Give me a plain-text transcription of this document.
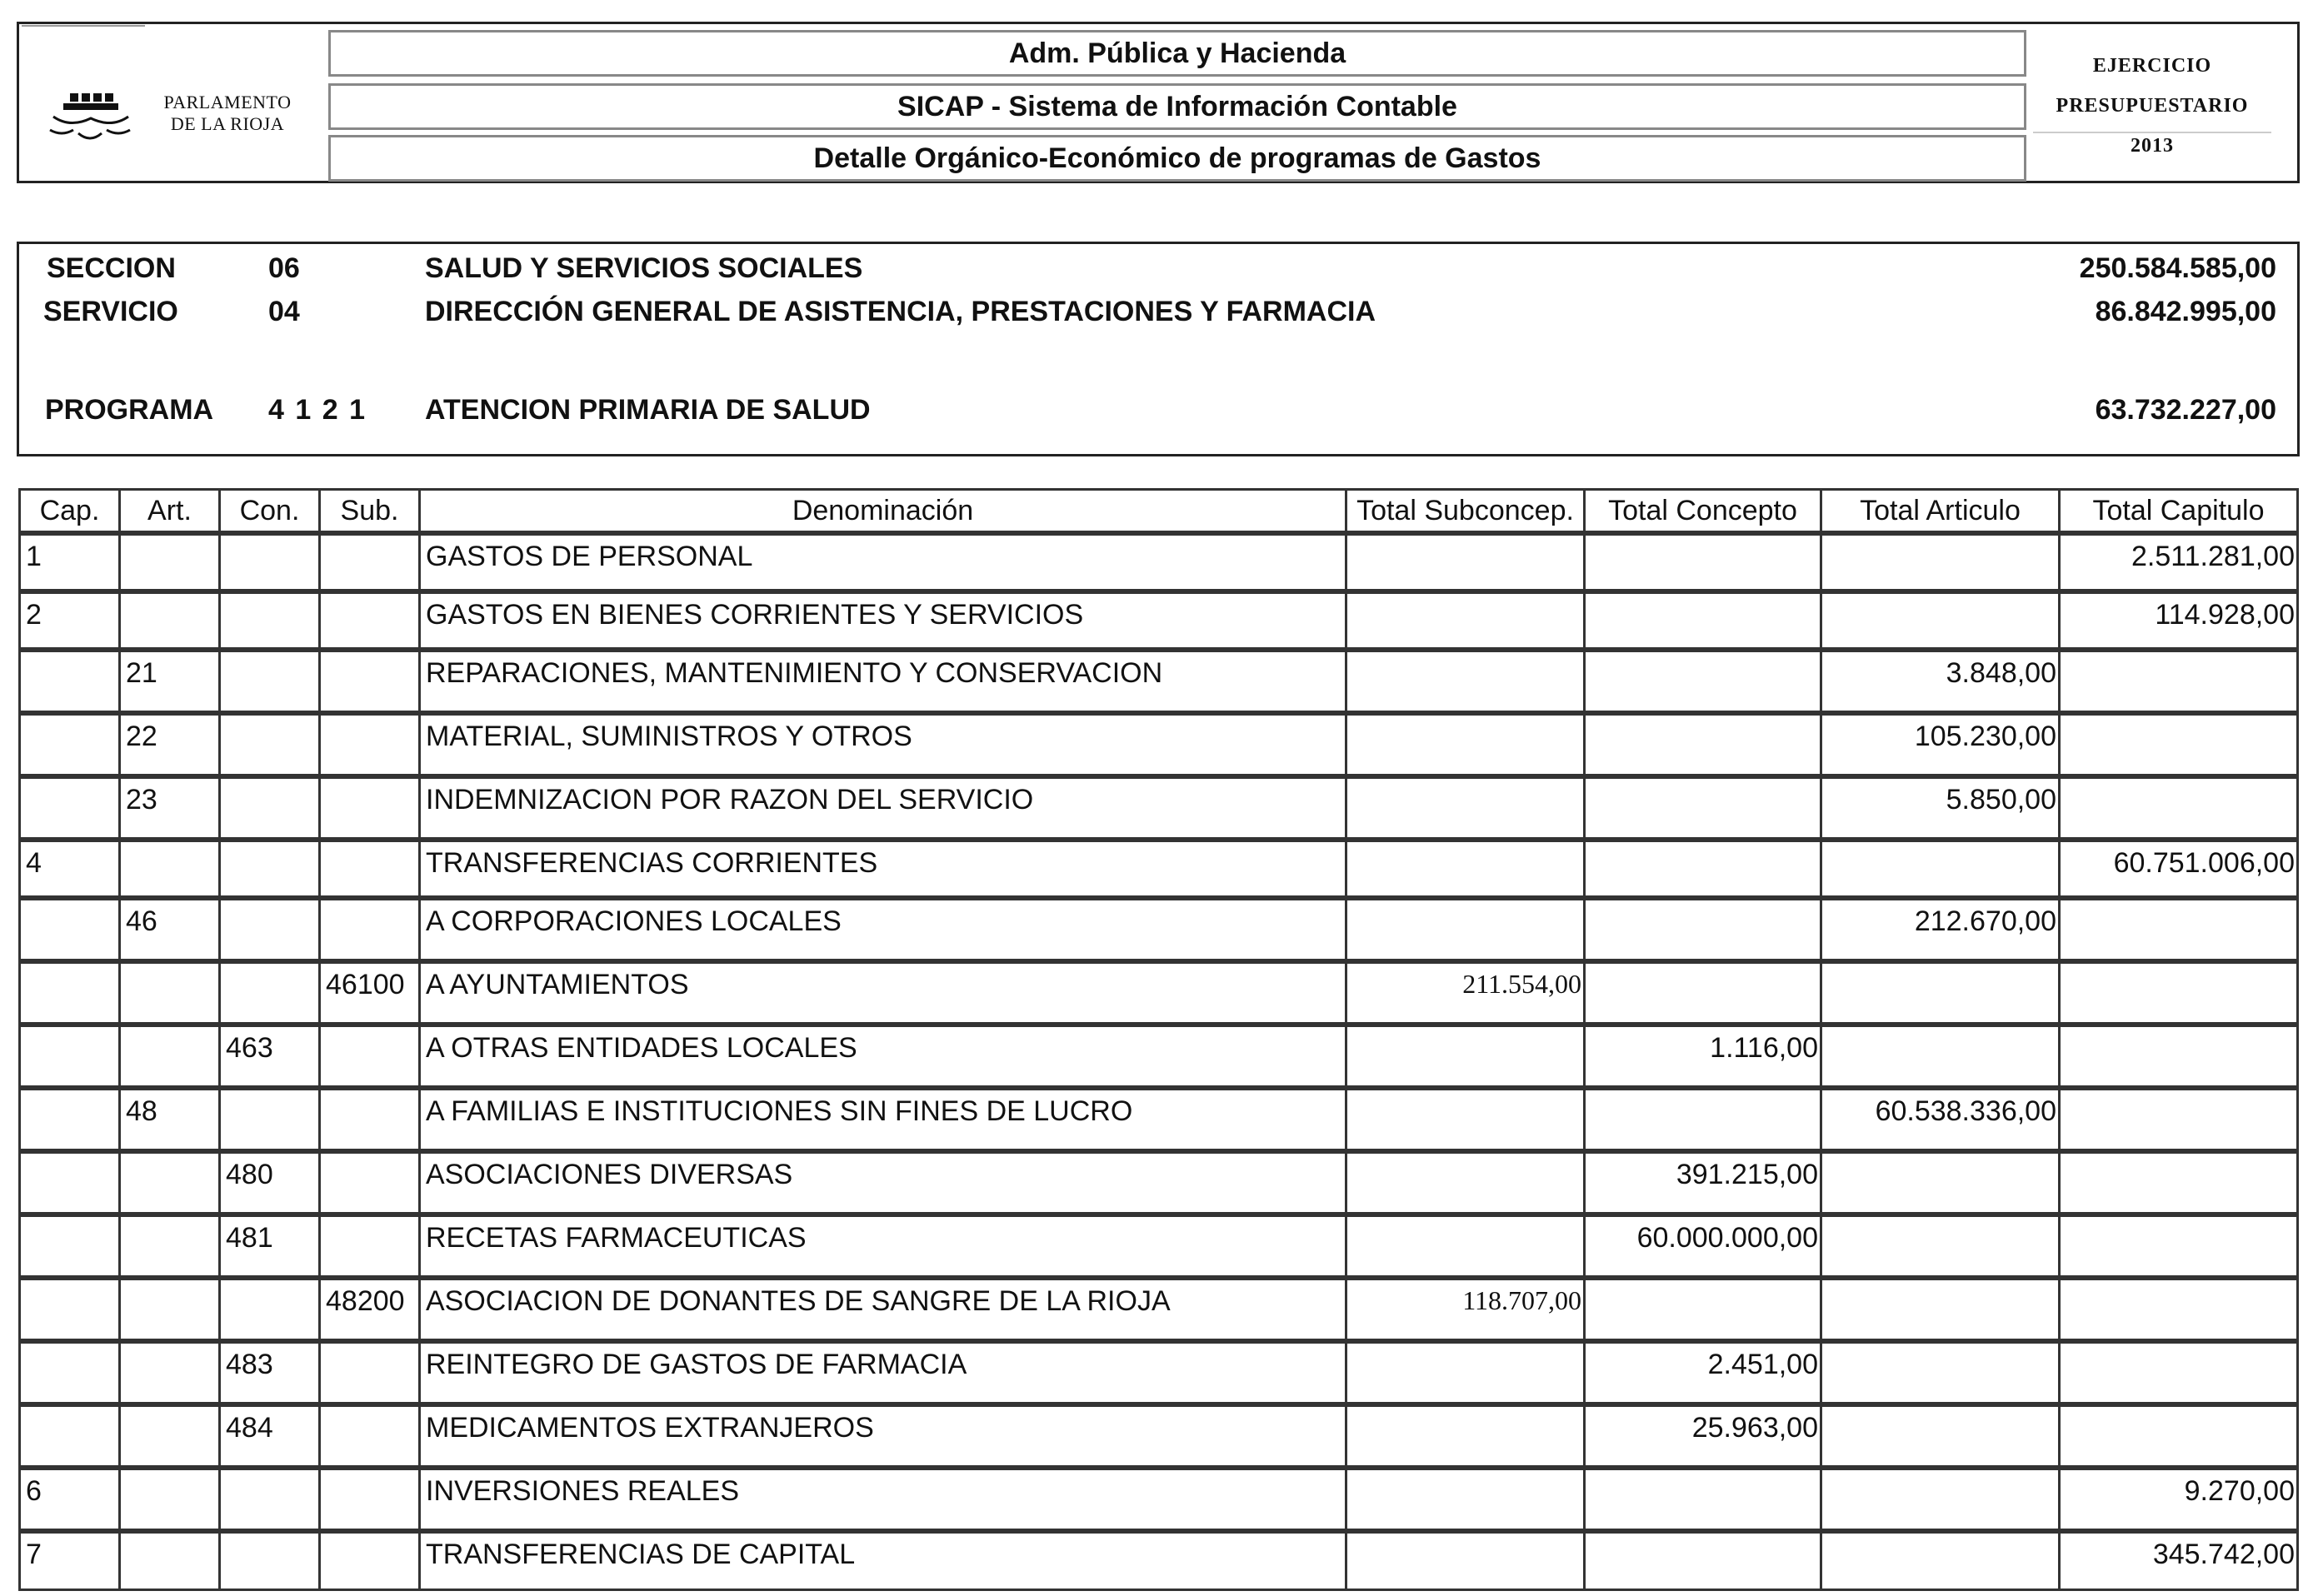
PARLAMENTO
DE LA RIOJA
Adm. Pública y Hacienda
SICAP - Sistema de Información Contable
Detalle Orgánico-Económico de programas de Gastos
EJERCICIO
PRESUPUESTARIO
2013
SECCION	06	SALUD Y SERVICIOS SOCIALES	250.584.585,00
SERVICIO	04	DIRECCIÓN GENERAL DE ASISTENCIA, PRESTACIONES Y FARMACIA	86.842.995,00
PROGRAMA 4 1 2 1 ATENCION PRIMARIA DE SALUD	63.732.227,00
Cap.	Art.	Con.	Sub.	Denominación	Total Subconcep.	Total Concepto	Total Articulo	Total Capitulo
1				GASTOS DE PERSONAL				2.511.281,00
2				GASTOS EN BIENES CORRIENTES Y SERVICIOS				114.928,00
	21			REPARACIONES, MANTENIMIENTO Y CONSERVACION			3.848,00	
	22			MATERIAL, SUMINISTROS Y OTROS			105.230,00	
	23			INDEMNIZACION POR RAZON DEL SERVICIO			5.850,00	
4				TRANSFERENCIAS CORRIENTES				60.751.006,00
	46			A CORPORACIONES LOCALES			212.670,00	
			46100	A AYUNTAMIENTOS	211.554,00			
		463		A OTRAS ENTIDADES LOCALES		1.116,00		
	48			A FAMILIAS E INSTITUCIONES SIN FINES DE LUCRO			60.538.336,00	
		480		ASOCIACIONES DIVERSAS		391.215,00		
		481		RECETAS FARMACEUTICAS		60.000.000,00		
			48200	ASOCIACION DE DONANTES DE SANGRE DE LA RIOJA	118.707,00			
		483		REINTEGRO DE GASTOS DE FARMACIA		2.451,00		
		484		MEDICAMENTOS EXTRANJEROS		25.963,00		
6				INVERSIONES REALES				9.270,00
7				TRANSFERENCIAS DE CAPITAL				345.742,00
